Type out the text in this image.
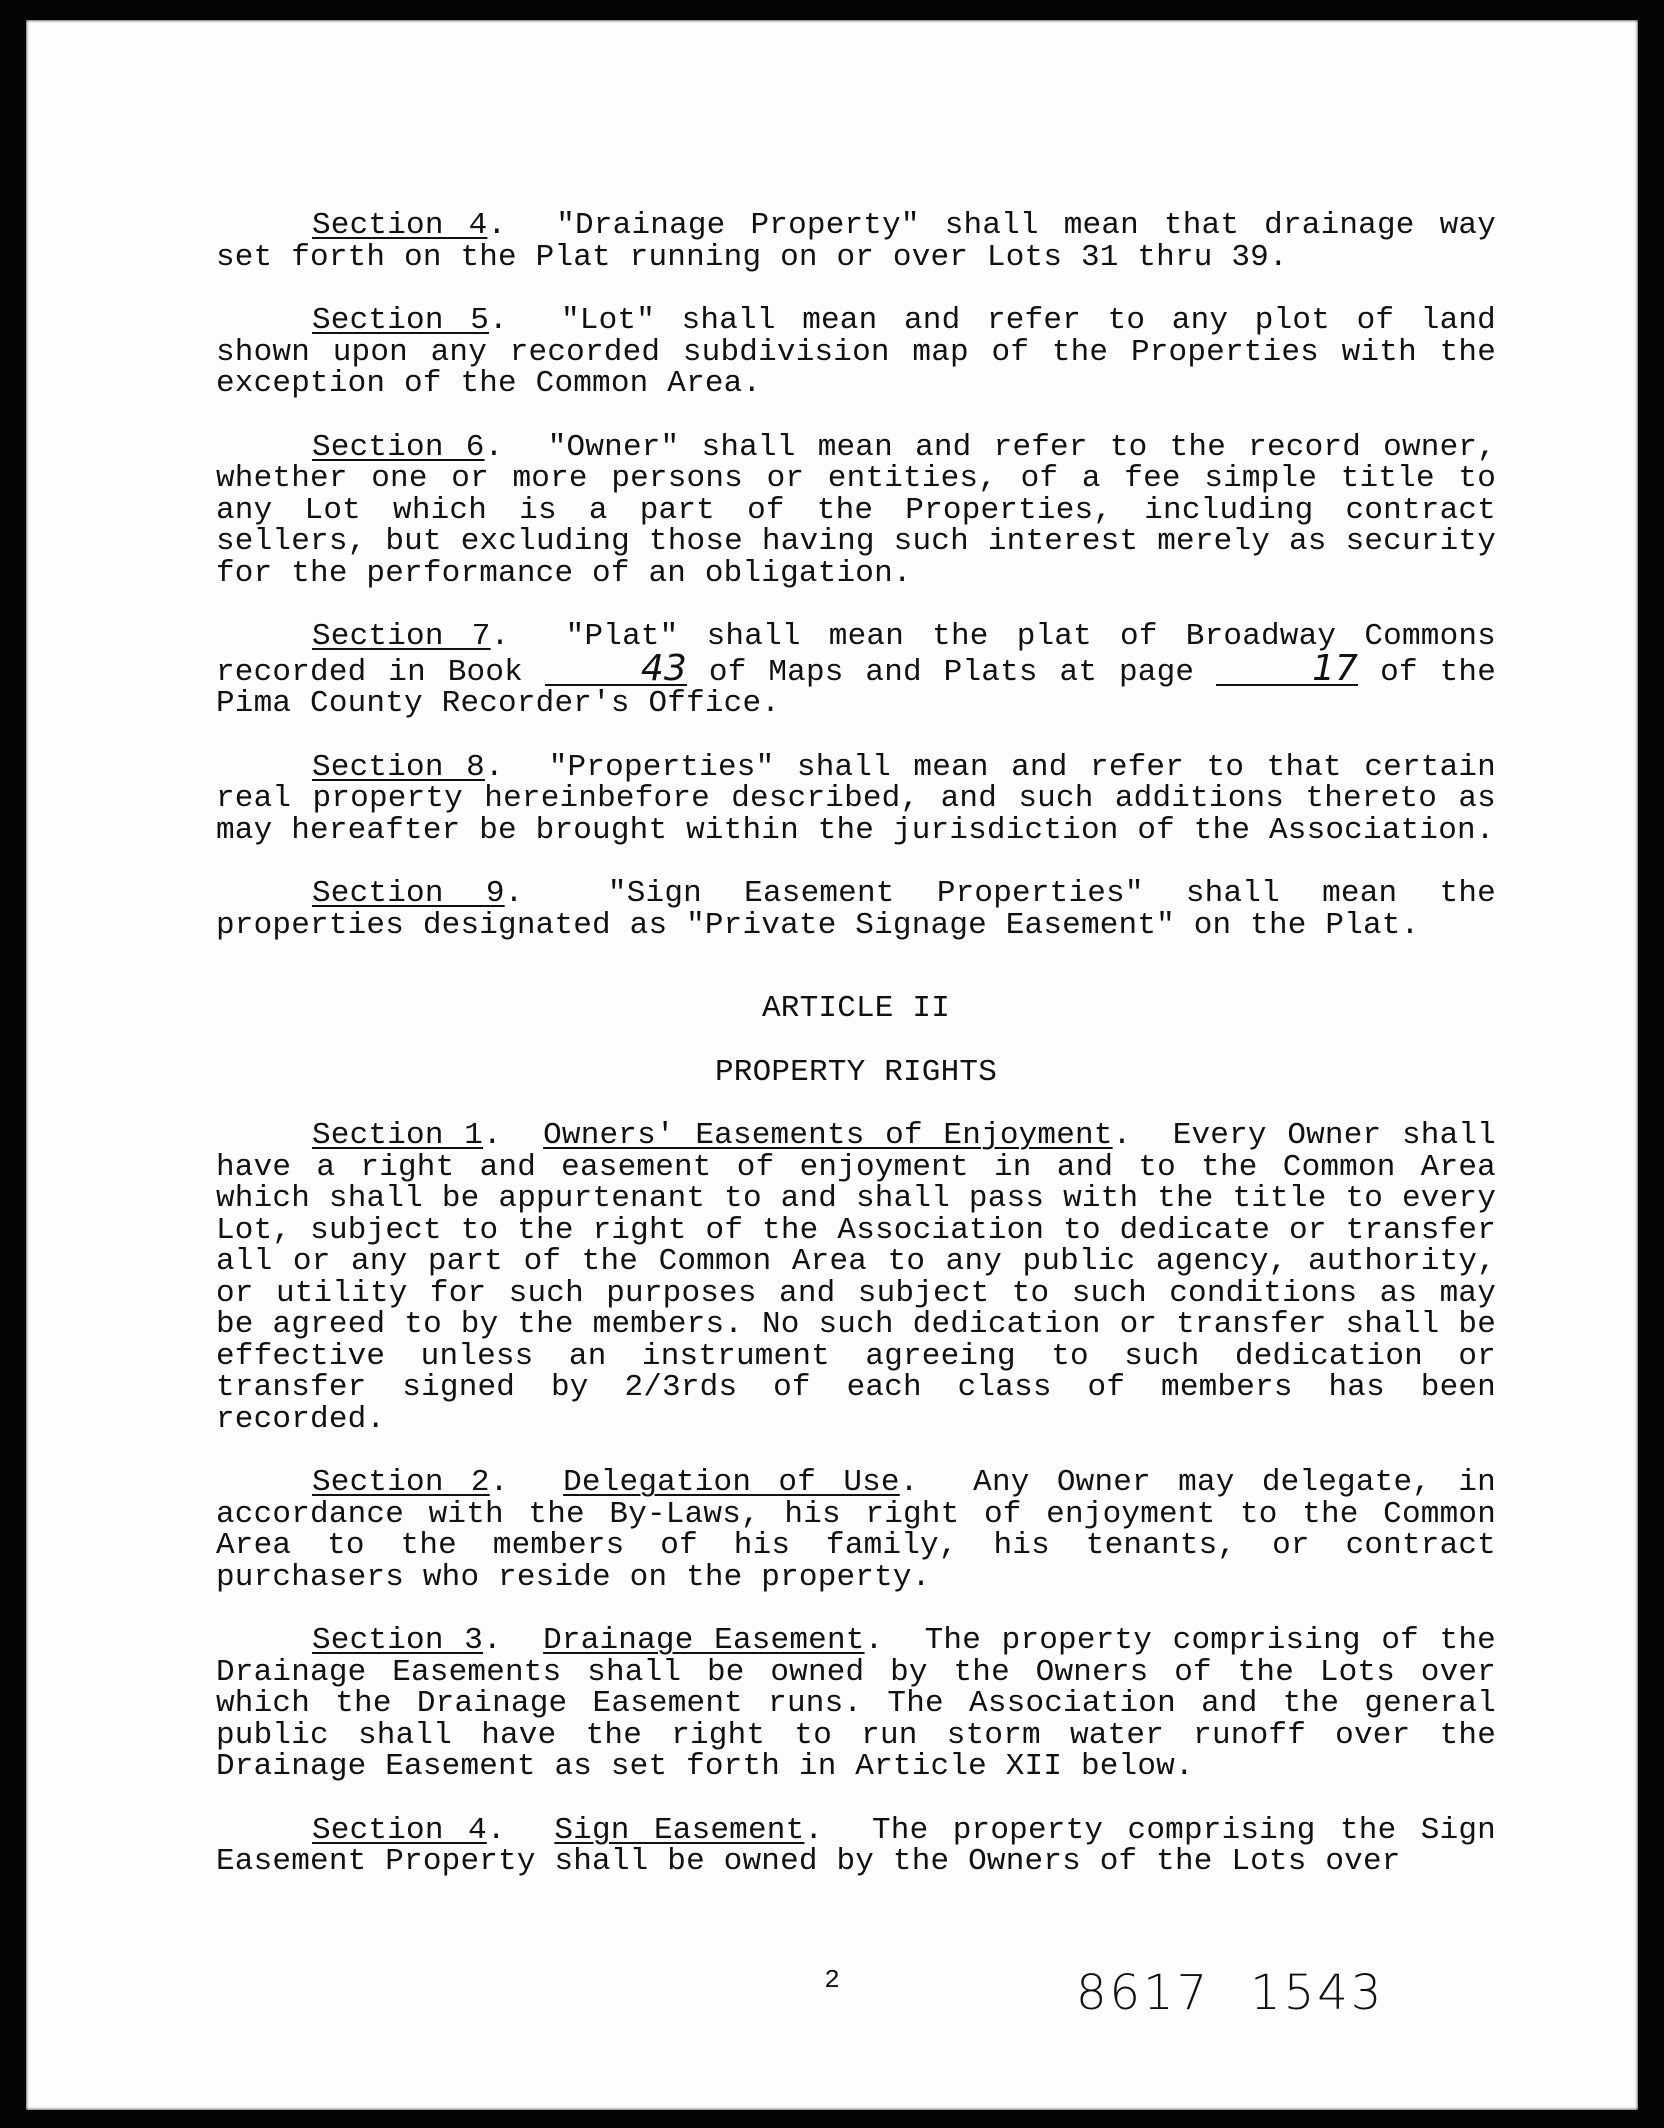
Section 4.  "Drainage Property" shall mean that drainage way set forth on the Plat running on or over Lots 31 thru 39.

Section 5.  "Lot" shall mean and refer to any plot of land shown upon any recorded subdivision map of the Properties with the exception of the Common Area.

Section 6.  "Owner" shall mean and refer to the record owner, whether one or more persons or entities, of a fee simple title to any Lot which is a part of the Properties, including contract sellers, but excluding those having such interest merely as security for the performance of an obligation.

Section 7.  "Plat" shall mean the plat of Broadway Commons recorded in Book	43 of Maps and Plats at page	17 of the Pima County Recorder's Office.

Section 8.  "Properties" shall mean and refer to that certain real property hereinbefore described, and such additions thereto as may hereafter be brought within the jurisdiction of the Association.

Section 9.  "Sign Easement Properties" shall mean the properties designated as "Private Signage Easement" on the Plat.

ARTICLE II

PROPERTY RIGHTS

Section 1.  Owners' Easements of Enjoyment.  Every Owner shall have a right and easement of enjoyment in and to the Common Area which shall be appurtenant to and shall pass with the title to every Lot, subject to the right of the Association to dedicate or transfer all or any part of the Common Area to any public agency, authority, or utility for such purposes and subject to such conditions as may be agreed to by the members. No such dedication or transfer shall be effective unless an instrument agreeing to such dedication or transfer signed by 2/3rds of each class of members has been recorded.

Section 2.  Delegation of Use.  Any Owner may delegate, in accordance with the By-Laws, his right of enjoyment to the Common Area to the members of his family, his tenants, or contract purchasers who reside on the property.

Section 3.  Drainage Easement.  The property comprising of the Drainage Easements shall be owned by the Owners of the Lots over which the Drainage Easement runs. The Association and the general public shall have the right to run storm water runoff over the Drainage Easement as set forth in Article XII below.

Section 4.  Sign Easement.  The property comprising the Sign Easement Property shall be owned by the Owners of the Lots over

2	8617 1543
